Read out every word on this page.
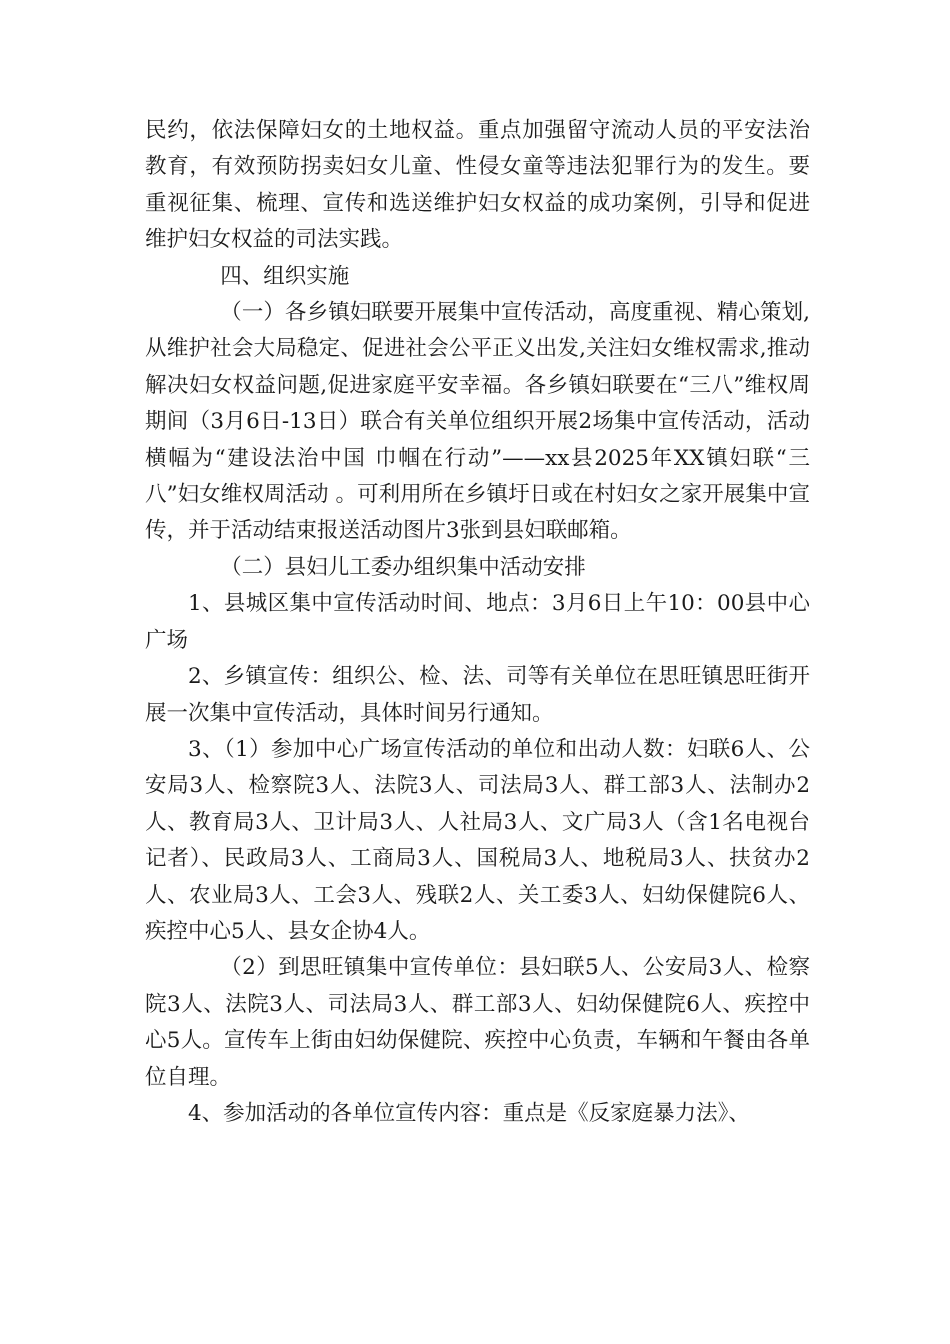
民约，依法保障妇女的土地权益。重点加强留守流动人员的平安法治教育，有效预防拐卖妇女儿童、性侵女童等违法犯罪行为的发生。要重视征集、梳理、宣传和选送维护妇女权益的成功案例，引导和促进维护妇女权益的司法实践。

四、组织实施

（一）各乡镇妇联要开展集中宣传活动，高度重视、精心策划,从维护社会大局稳定、促进社会公平正义出发,关注妇女维权需求,推动解决妇女权益问题,促进家庭平安幸福。各乡镇妇联要在“三八”维权周期间（3月6日-13日）联合有关单位组织开展2场集中宣传活动，活动横幅为“建设法治中国 巾帼在行动”——xx县2025年XX镇妇联“三八”妇女维权周活动 。可利用所在乡镇圩日或在村妇女之家开展集中宣传，并于活动结束报送活动图片3张到县妇联邮箱。

（二）县妇儿工委办组织集中活动安排

1、县城区集中宣传活动时间、地点：3月6日上午10：00县中心广场

2、乡镇宣传：组织公、检、法、司等有关单位在思旺镇思旺街开展一次集中宣传活动，具体时间另行通知。

3、（1）参加中心广场宣传活动的单位和出动人数：妇联6人、公安局3人、检察院3人、法院3人、司法局3人、群工部3人、法制办2人、教育局3人、卫计局3人、人社局3人、文广局3人（含1名电视台记者）、民政局3人、工商局3人、国税局3人、地税局3人、扶贫办2人、农业局3人、工会3人、残联2人、关工委3人、妇幼保健院6人、疾控中心5人、县女企协4人。

（2）到思旺镇集中宣传单位：县妇联5人、公安局3人、检察院3人、法院3人、司法局3人、群工部3人、妇幼保健院6人、疾控中心5人。宣传车上街由妇幼保健院、疾控中心负责，车辆和午餐由各单位自理。

4、参加活动的各单位宣传内容：重点是《反家庭暴力法》、
